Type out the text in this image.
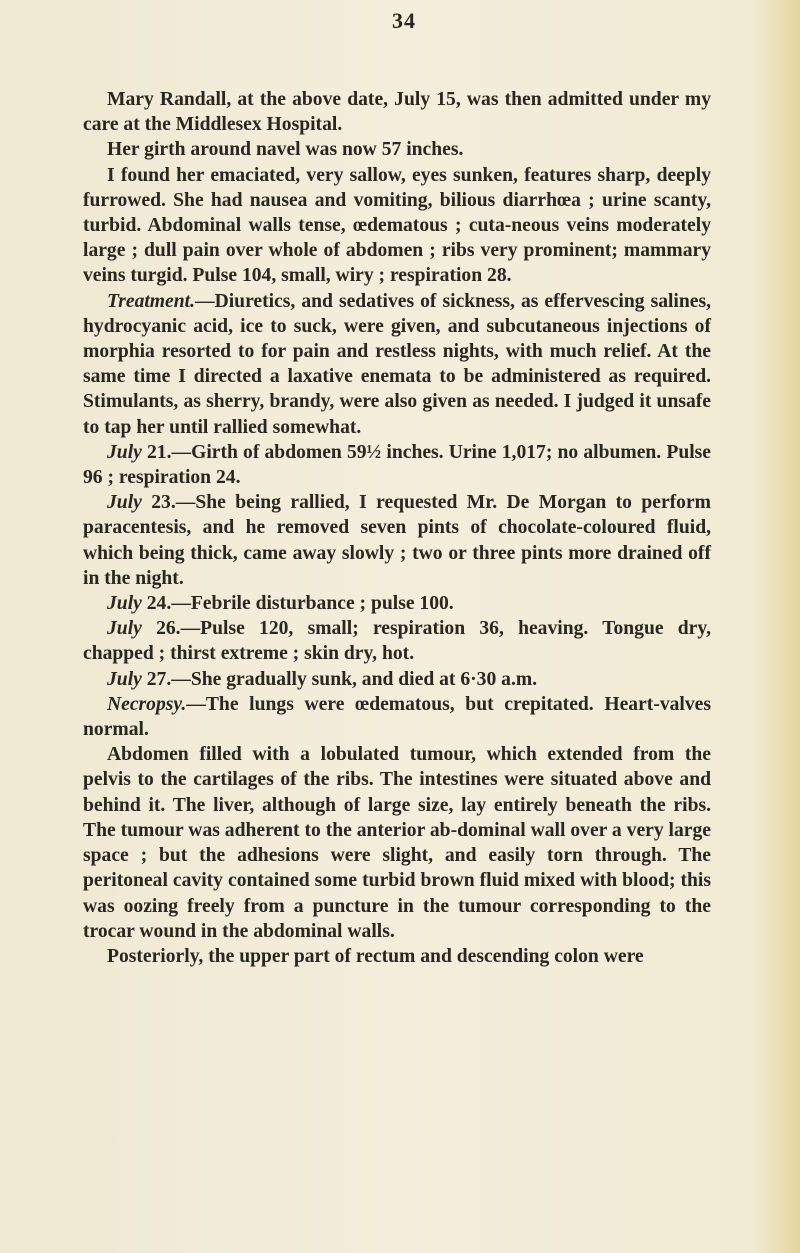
34

Mary Randall, at the above date, July 15, was then admitted under my care at the Middlesex Hospital.

Her girth around navel was now 57 inches.

I found her emaciated, very sallow, eyes sunken, features sharp, deeply furrowed. She had nausea and vomiting, bilious diarrhœa ; urine scanty, turbid. Abdominal walls tense, œdematous ; cuta-neous veins moderately large ; dull pain over whole of abdomen ; ribs very prominent; mammary veins turgid. Pulse 104, small, wiry ; respiration 28.

Treatment.—Diuretics, and sedatives of sickness, as effervescing salines, hydrocyanic acid, ice to suck, were given, and subcutaneous injections of morphia resorted to for pain and restless nights, with much relief. At the same time I directed a laxative enemata to be administered as required. Stimulants, as sherry, brandy, were also given as needed. I judged it unsafe to tap her until rallied somewhat.

July 21.—Girth of abdomen 59½ inches. Urine 1,017; no albumen. Pulse 96 ; respiration 24.

July 23.—She being rallied, I requested Mr. De Morgan to perform paracentesis, and he removed seven pints of chocolate-coloured fluid, which being thick, came away slowly ; two or three pints more drained off in the night.

July 24.—Febrile disturbance ; pulse 100.

July 26.—Pulse 120, small; respiration 36, heaving. Tongue dry, chapped ; thirst extreme ; skin dry, hot.

July 27.—She gradually sunk, and died at 6·30 a.m.

Necropsy.—The lungs were œdematous, but crepitated. Heart-valves normal.

Abdomen filled with a lobulated tumour, which extended from the pelvis to the cartilages of the ribs. The intestines were situated above and behind it. The liver, although of large size, lay entirely beneath the ribs. The tumour was adherent to the anterior ab-dominal wall over a very large space ; but the adhesions were slight, and easily torn through. The peritoneal cavity contained some turbid brown fluid mixed with blood; this was oozing freely from a puncture in the tumour corresponding to the trocar wound in the abdominal walls.

Posteriorly, the upper part of rectum and descending colon were
